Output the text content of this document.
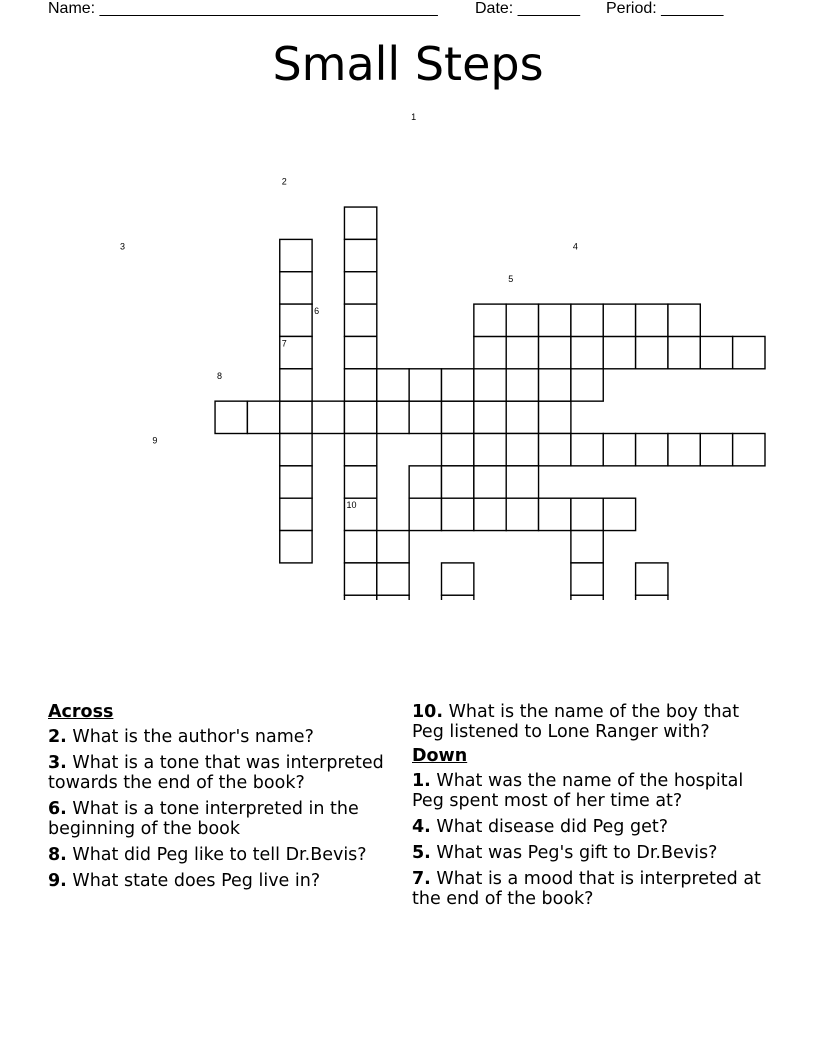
Name: ______________________________________ Date: _______ Period: _______
Small Steps
1
2
3	4
5
6
7
8
9
10
Across
2. What is the author's name?
3. What is a tone that was interpreted towards the end of the book?
6. What is a tone interpreted in the beginning of the book
8. What did Peg like to tell Dr.Bevis?
9. What state does Peg live in?
10. What is the name of the boy that Peg listened to Lone Ranger with?
Down
1. What was the name of the hospital Peg spent most of her time at?
4. What disease did Peg get?
5. What was Peg's gift to Dr.Bevis?
7. What is a mood that is interpreted at the end of the book?
